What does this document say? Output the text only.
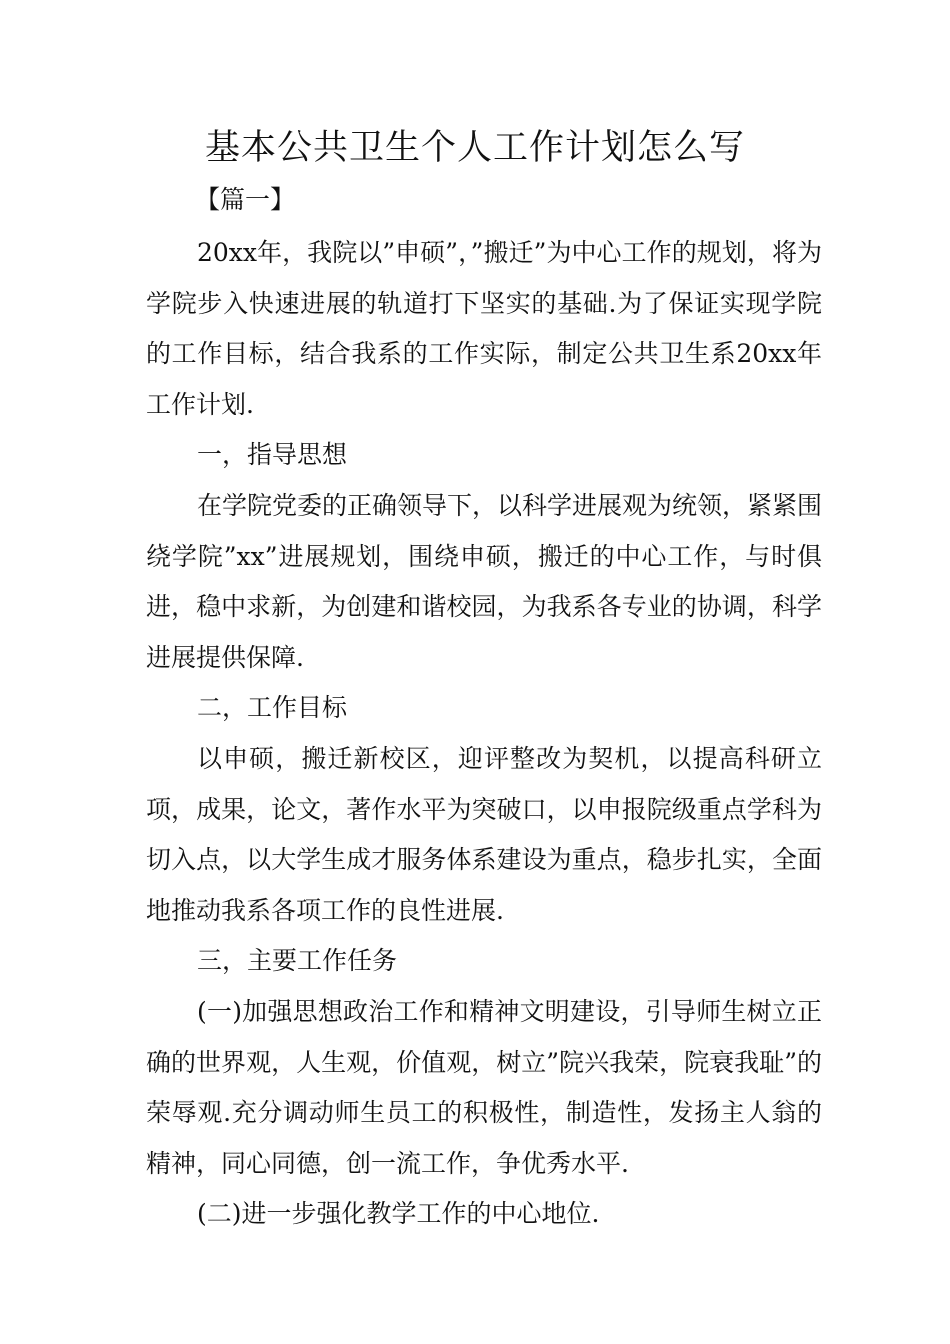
基本公共卫生个人工作计划怎么写
【篇一】

20xx年，我院以”申硕”，”搬迁”为中心工作的规划，将为学院步入快速进展的轨道打下坚实的基础.为了保证实现学院的工作目标，结合我系的工作实际，制定公共卫生系20xx年工作计划.

一，指导思想

在学院党委的正确领导下，以科学进展观为统领，紧紧围绕学院”xx”进展规划，围绕申硕，搬迁的中心工作，与时俱进，稳中求新，为创建和谐校园，为我系各专业的协调，科学进展提供保障.

二，工作目标

以申硕，搬迁新校区，迎评整改为契机，以提高科研立项，成果，论文，著作水平为突破口，以申报院级重点学科为切入点，以大学生成才服务体系建设为重点，稳步扎实，全面地推动我系各项工作的良性进展.

三，主要工作任务

(一)加强思想政治工作和精神文明建设，引导师生树立正确的世界观，人生观，价值观，树立”院兴我荣，院衰我耻”的荣辱观.充分调动师生员工的积极性，制造性，发扬主人翁的精神，同心同德，创一流工作，争优秀水平.

(二)进一步强化教学工作的中心地位.
